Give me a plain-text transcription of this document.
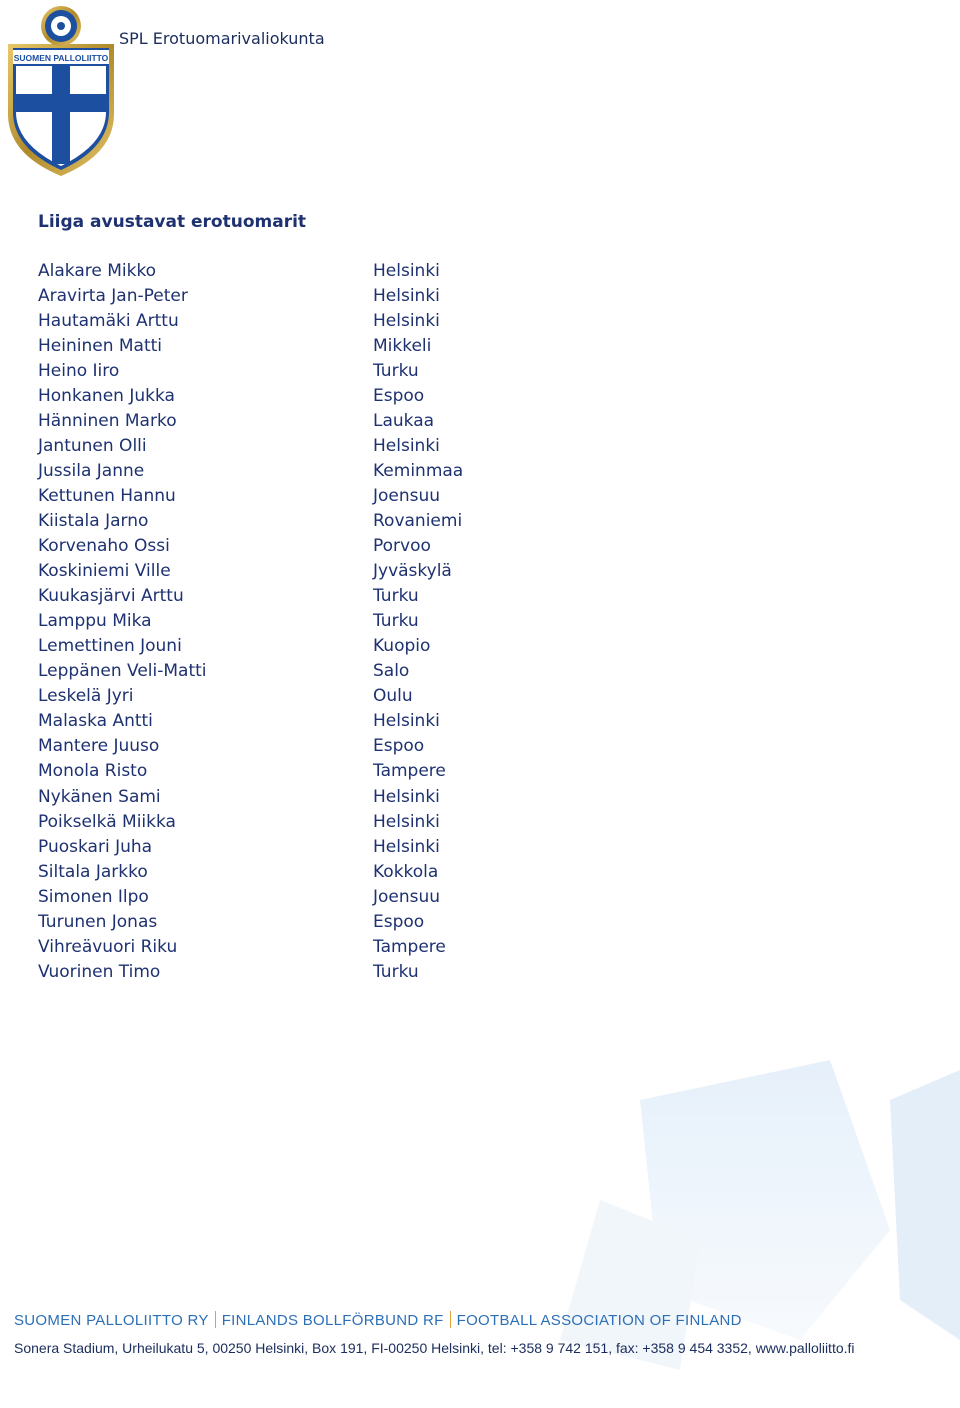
SUOMEN PALLOLIITTO
SPL Erotuomarivaliokunta
Liiga avustavat erotuomarit
Alakare Mikko	Helsinki
Aravirta Jan-Peter	Helsinki
Hautamäki Arttu	Helsinki
Heininen Matti	Mikkeli
Heino Iiro	Turku
Honkanen Jukka	Espoo
Hänninen Marko	Laukaa
Jantunen Olli	Helsinki
Jussila Janne	Keminmaa
Kettunen Hannu	Joensuu
Kiistala Jarno	Rovaniemi
Korvenaho Ossi	Porvoo
Koskiniemi Ville	Jyväskylä
Kuukasjärvi Arttu	Turku
Lamppu Mika	Turku
Lemettinen Jouni	Kuopio
Leppänen Veli-Matti	Salo
Leskelä Jyri	Oulu
Malaska Antti	Helsinki
Mantere Juuso	Espoo
Monola Risto	Tampere
Nykänen Sami	Helsinki
Poikselkä Miikka	Helsinki
Puoskari Juha	Helsinki
Siltala Jarkko	Kokkola
Simonen Ilpo	Joensuu
Turunen Jonas	Espoo
Vihreävuori Riku	Tampere
Vuorinen Timo	Turku
SUOMEN PALLOLIITTO RY FINLANDS BOLLFÖRBUND RF FOOTBALL ASSOCIATION OF FINLAND
Sonera Stadium, Urheilukatu 5, 00250 Helsinki, Box 191, FI-00250 Helsinki, tel: +358 9 742 151, fax: +358 9 454 3352, www.palloliitto.fi
